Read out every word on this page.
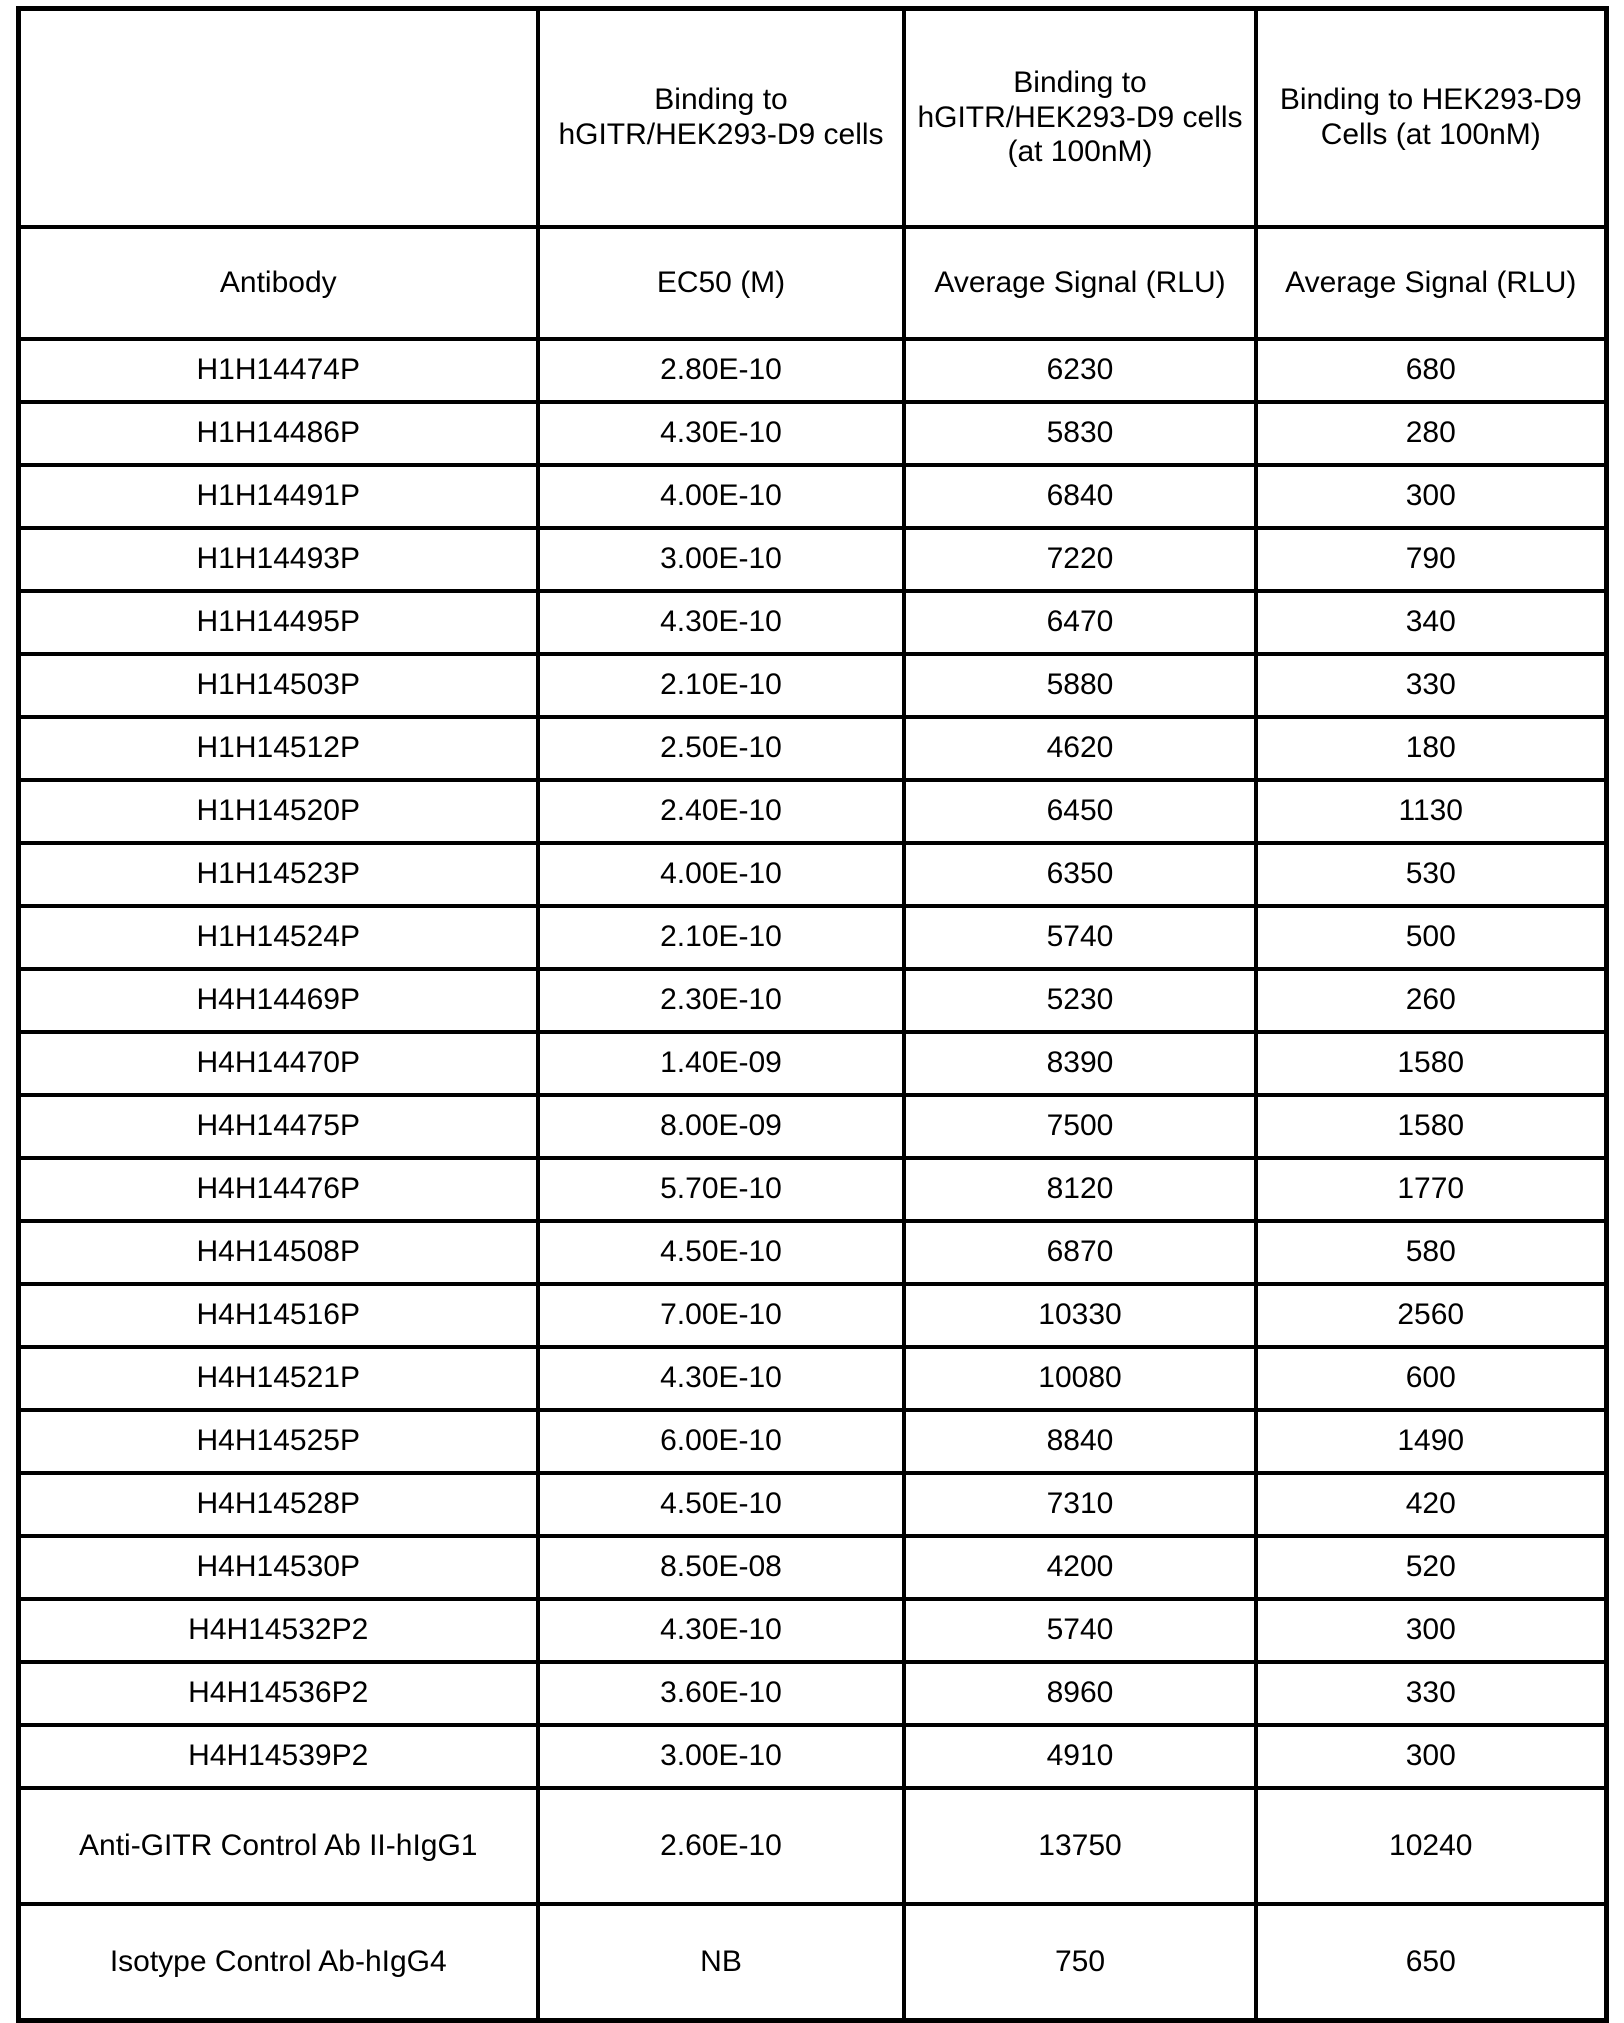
	Binding to hGITR/HEK293-D9 cells	Binding to hGITR/HEK293-D9 cells (at 100nM)	Binding to HEK293-D9 Cells (at 100nM)
Antibody	EC50 (M)	Average Signal (RLU)	Average Signal (RLU)
H1H14474P	2.80E-10	6230	680
H1H14486P	4.30E-10	5830	280
H1H14491P	4.00E-10	6840	300
H1H14493P	3.00E-10	7220	790
H1H14495P	4.30E-10	6470	340
H1H14503P	2.10E-10	5880	330
H1H14512P	2.50E-10	4620	180
H1H14520P	2.40E-10	6450	1130
H1H14523P	4.00E-10	6350	530
H1H14524P	2.10E-10	5740	500
H4H14469P	2.30E-10	5230	260
H4H14470P	1.40E-09	8390	1580
H4H14475P	8.00E-09	7500	1580
H4H14476P	5.70E-10	8120	1770
H4H14508P	4.50E-10	6870	580
H4H14516P	7.00E-10	10330	2560
H4H14521P	4.30E-10	10080	600
H4H14525P	6.00E-10	8840	1490
H4H14528P	4.50E-10	7310	420
H4H14530P	8.50E-08	4200	520
H4H14532P2	4.30E-10	5740	300
H4H14536P2	3.60E-10	8960	330
H4H14539P2	3.00E-10	4910	300
Anti-GITR Control Ab II-hIgG1	2.60E-10	13750	10240
Isotype Control Ab-hIgG4	NB	750	650
